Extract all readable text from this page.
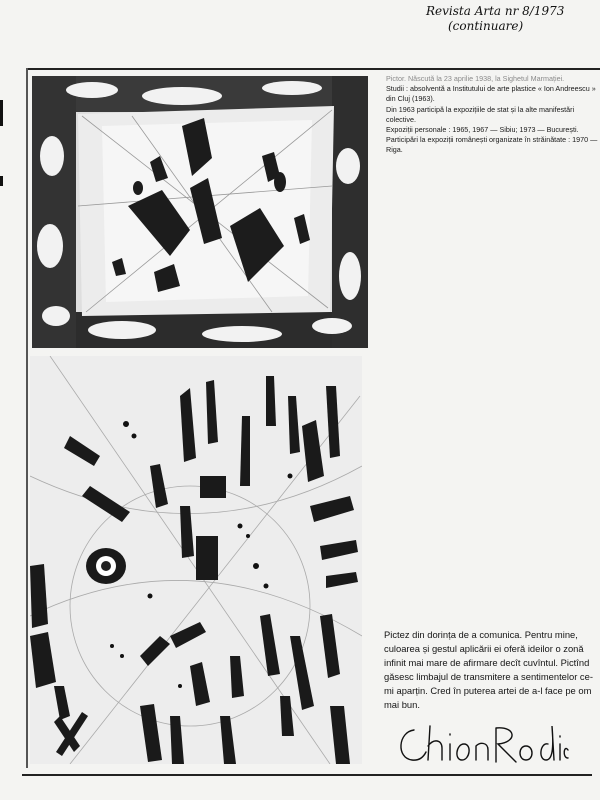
Revista Arta nr 8/1973
(continuare)

Pictor. Născută la 23 aprilie 1938, la Sighetul Marmației.

Studii : absolventă a Institutului de arte plastice « Ion Andreescu » din Cluj (1963).

Din 1963 participă la expozițiile de stat și la alte manifestări colective.

Expoziții personale : 1965, 1967 — Sibiu; 1973 — București.

Participări la expoziții românești organizate în străinătate : 1970 — Riga.

Pictez din dorința de a comunica. Pentru mine, culoarea și gestul aplicării ei oferă ideilor o zonă infinit mai mare de afirmare decît cuvîntul. Pictînd găsesc limbajul de transmitere a sentimentelor ce-mi aparțin. Cred în puterea artei de a-l face pe om mai bun.
